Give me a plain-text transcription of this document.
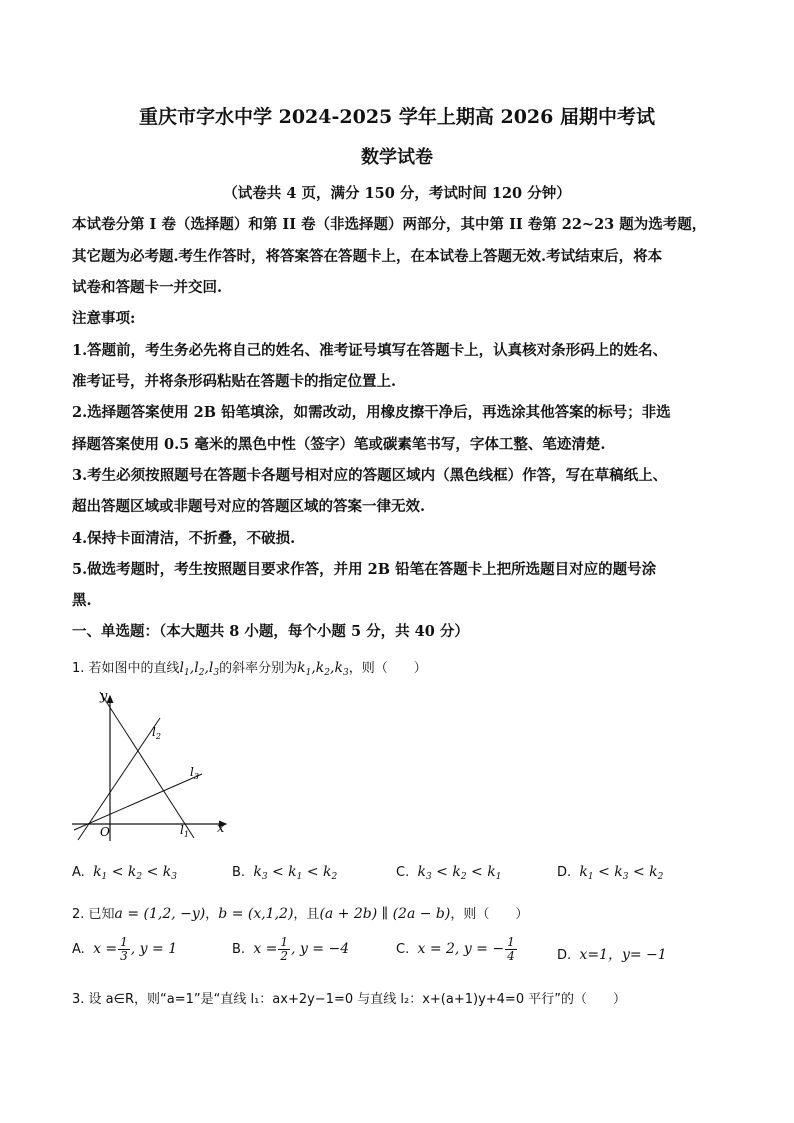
重庆市字水中学 2024-2025 学年上期高 2026 届期中考试
数学试卷
（试卷共 4 页，满分 150 分，考试时间 120 分钟）
本试卷分第 I 卷（选择题）和第 II 卷（非选择题）两部分，其中第 II 卷第 22~23 题为选考题，
其它题为必考题.考生作答时，将答案答在答题卡上，在本试卷上答题无效.考试结束后，将本
试卷和答题卡一并交回.
注意事项:
1.答题前，考生务必先将自己的姓名、准考证号填写在答题卡上，认真核对条形码上的姓名、
准考证号，并将条形码粘贴在答题卡的指定位置上.
2.选择题答案使用 2B 铅笔填涂，如需改动，用橡皮擦干净后，再选涂其他答案的标号；非选
择题答案使用 0.5 毫米的黑色中性（签字）笔或碳素笔书写，字体工整、笔迹清楚.
3.考生必须按照题号在答题卡各题号相对应的答题区域内（黑色线框）作答，写在草稿纸上、
超出答题区域或非题号对应的答题区域的答案一律无效.
4.保持卡面清洁，不折叠，不破损.
5.做选考题时，考生按照题目要求作答，并用 2B 铅笔在答题卡上把所选题目对应的题号涂
黑.
一、单选题：（本大题共 8 小题，每个小题 5 分，共 40 分）
1. 若如图中的直线$l_1,l_2,l_3$的斜率分别为$k_1,k_2,k_3$，则（　　）
y
x
O
$l_2$
$l_3$
$l_1$
A. $k_1 < k_2 < k_3$	B. $k_3 < k_1 < k_2$	C. $k_3 < k_2 < k_1$	D. $k_1 < k_3 < k_2$
2. 已知a = (1,2, −y)，b = (x,1,2)，且(a + 2b) ∥ (2a − b)，则（　　）
A. $x = \frac{1}{3}$ , y = 1	B. $x = \frac{1}{2}$ , y = −4	C. x = 2, y = − $\frac{1}{4}$	D. x=1，y= −1
3. 设 a∈R，则“a=1”是“直线 l₁：ax+2y−1=0 与直线 l₂：x+(a+1)y+4=0 平行”的（　　）
